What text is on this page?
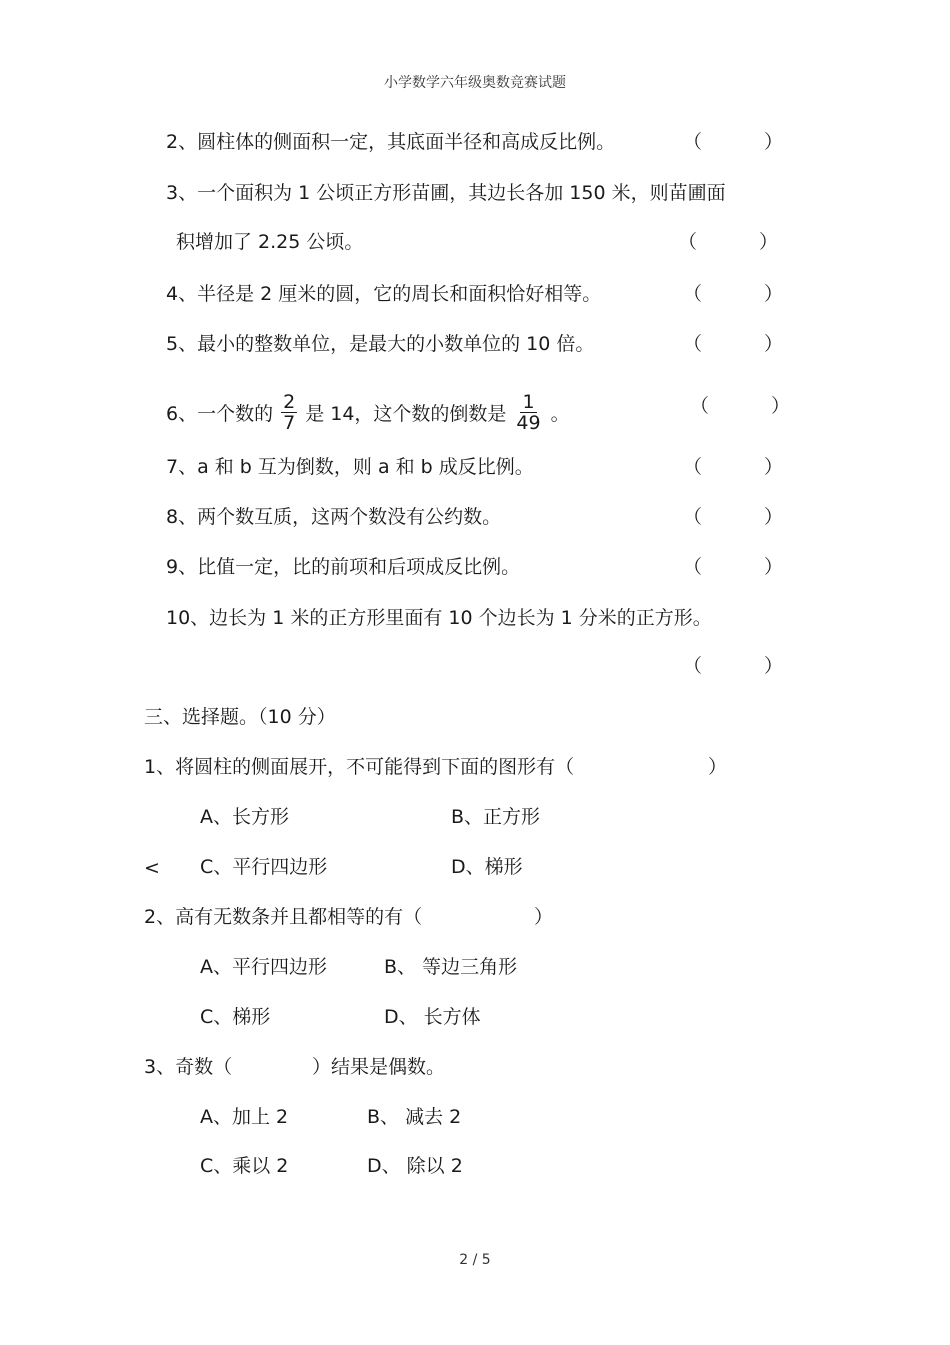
小学数学六年级奥数竞赛试题
2、圆柱体的侧面积一定，其底面半径和高成反比例。	（	）
3、一个面积为 1 公顷正方形苗圃，其边长各加 150 米，则苗圃面
积增加了 2.25 公顷。	（	）
4、半径是 2 厘米的圆，它的周长和面积恰好相等。	（	）
5、最小的整数单位，是最大的小数单位的 10 倍。	（	）
6、一个数的 $\frac{2}{7}$ 是 14，这个数的倒数是 $\frac{1}{49}$ 。	（	）
7、a 和 b 互为倒数，则 a 和 b 成反比例。	（	）
8、两个数互质，这两个数没有公约数。	（	）
9、比值一定，比的前项和后项成反比例。	（	）
10、边长为 1 米的正方形里面有 10 个边长为 1 分米的正方形。
（	）
三、选择题。（10 分）
1、将圆柱的侧面展开，不可能得到下面的图形有（	）
A、长方形	B、正方形
< C、平行四边形	D、梯形
2、高有无数条并且都相等的有（	）
A、平行四边形	B、 等边三角形
C、梯形	D、 长方体
3、奇数（	）结果是偶数。
A、加上 2	B、 减去 2
C、乘以 2	D、 除以 2
2 / 5
